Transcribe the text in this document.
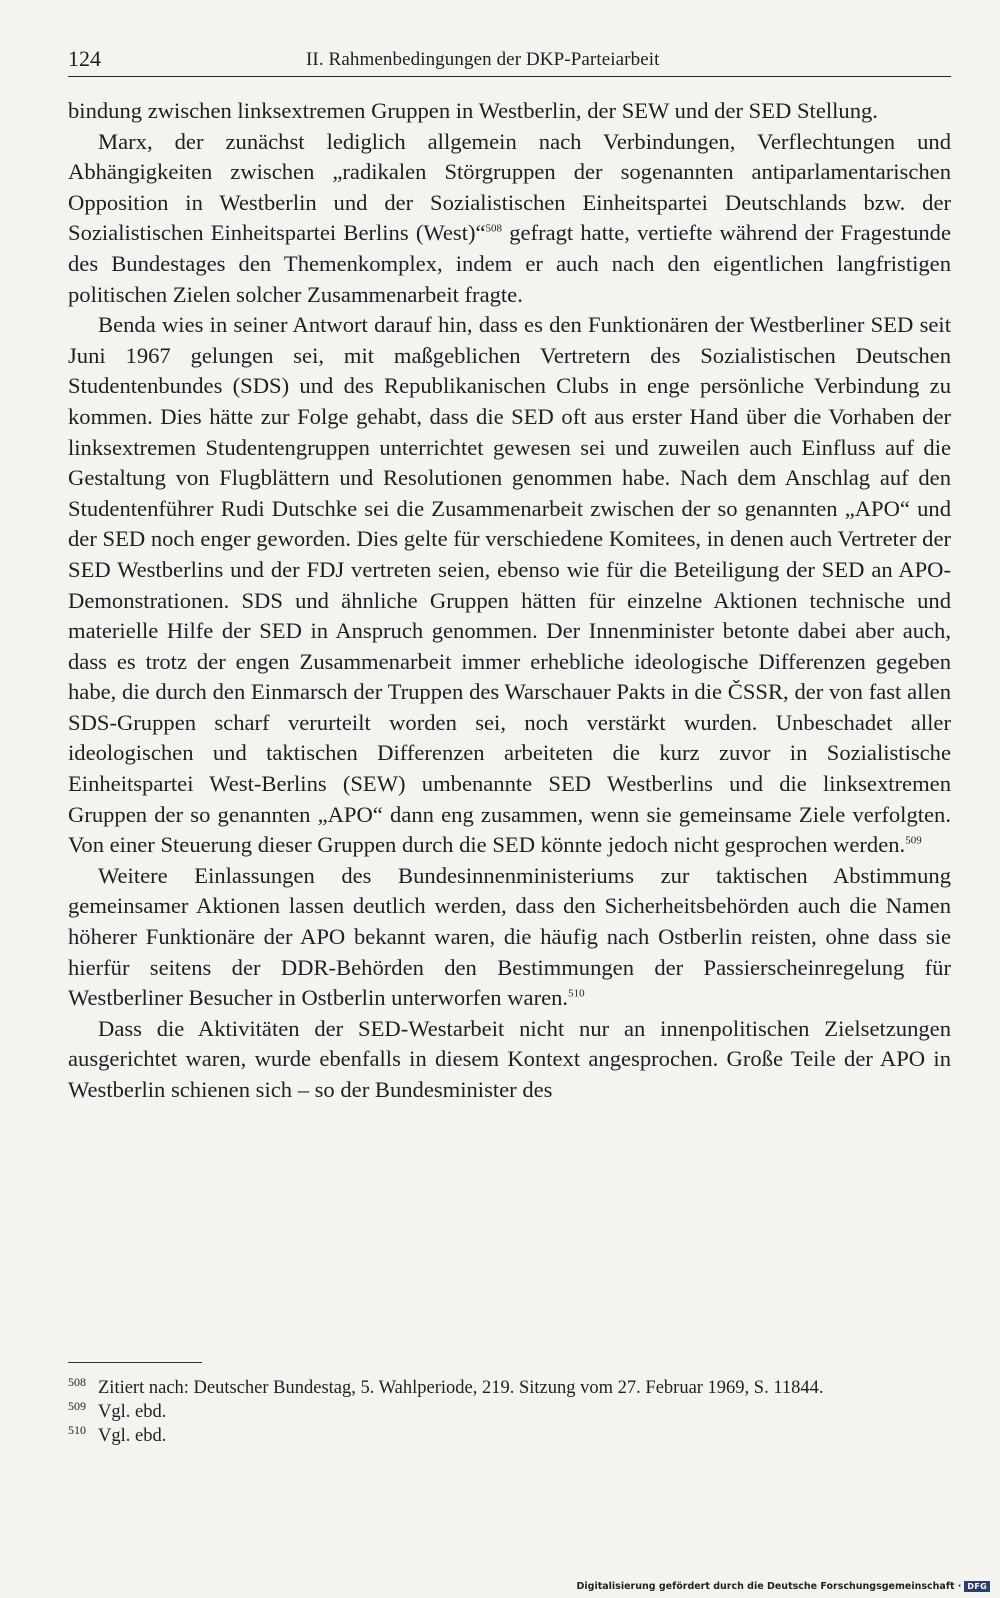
124	II. Rahmenbedingungen der DKP-Parteiarbeit

bindung zwischen linksextremen Gruppen in Westberlin, der SEW und der SED Stellung.

Marx, der zunächst lediglich allgemein nach Verbindungen, Verflechtungen und Abhängigkeiten zwischen „radikalen Störgruppen der sogenannten antiparlamentarischen Opposition in Westberlin und der Sozialistischen Einheitspartei Deutschlands bzw. der Sozialistischen Einheitspartei Berlins (West)“$^{508}$ gefragt hatte, vertiefte während der Fragestunde des Bundestages den Themenkomplex, indem er auch nach den eigentlichen langfristigen politischen Zielen solcher Zusammenarbeit fragte.

Benda wies in seiner Antwort darauf hin, dass es den Funktionären der Westberliner SED seit Juni 1967 gelungen sei, mit maßgeblichen Vertretern des Sozialistischen Deutschen Studentenbundes (SDS) und des Republikanischen Clubs in enge persönliche Verbindung zu kommen. Dies hätte zur Folge gehabt, dass die SED oft aus erster Hand über die Vorhaben der linksextremen Studentengruppen unterrichtet gewesen sei und zuweilen auch Einfluss auf die Gestaltung von Flugblättern und Resolutionen genommen habe. Nach dem Anschlag auf den Studentenführer Rudi Dutschke sei die Zusammenarbeit zwischen der so genannten „APO“ und der SED noch enger geworden. Dies gelte für verschiedene Komitees, in denen auch Vertreter der SED Westberlins und der FDJ vertreten seien, ebenso wie für die Beteiligung der SED an APO-Demonstrationen. SDS und ähnliche Gruppen hätten für einzelne Aktionen technische und materielle Hilfe der SED in Anspruch genommen. Der Innenminister betonte dabei aber auch, dass es trotz der engen Zusammenarbeit immer erhebliche ideologische Differenzen gegeben habe, die durch den Einmarsch der Truppen des Warschauer Pakts in die ČSSR, der von fast allen SDS-Gruppen scharf verurteilt worden sei, noch verstärkt wurden. Unbeschadet aller ideologischen und taktischen Differenzen arbeiteten die kurz zuvor in Sozialistische Einheitspartei West-Berlins (SEW) umbenannte SED Westberlins und die linksextremen Gruppen der so genannten „APO“ dann eng zusammen, wenn sie gemeinsame Ziele verfolgten. Von einer Steuerung dieser Gruppen durch die SED könnte jedoch nicht gesprochen werden.$^{509}$

Weitere Einlassungen des Bundesinnenministeriums zur taktischen Abstimmung gemeinsamer Aktionen lassen deutlich werden, dass den Sicherheitsbehörden auch die Namen höherer Funktionäre der APO bekannt waren, die häufig nach Ostberlin reisten, ohne dass sie hierfür seitens der DDR-Behörden den Bestimmungen der Passierscheinregelung für Westberliner Besucher in Ostberlin unterworfen waren.$^{510}$

Dass die Aktivitäten der SED-Westarbeit nicht nur an innenpolitischen Zielsetzungen ausgerichtet waren, wurde ebenfalls in diesem Kontext angesprochen. Große Teile der APO in Westberlin schienen sich – so der Bundesminister des

508 Zitiert nach: Deutscher Bundestag, 5. Wahlperiode, 219. Sitzung vom 27. Februar 1969, S. 11844.

509 Vgl. ebd.

510 Vgl. ebd.

Digitalisierung gefördert durch die Deutsche Forschungsgemeinschaft · DFG
